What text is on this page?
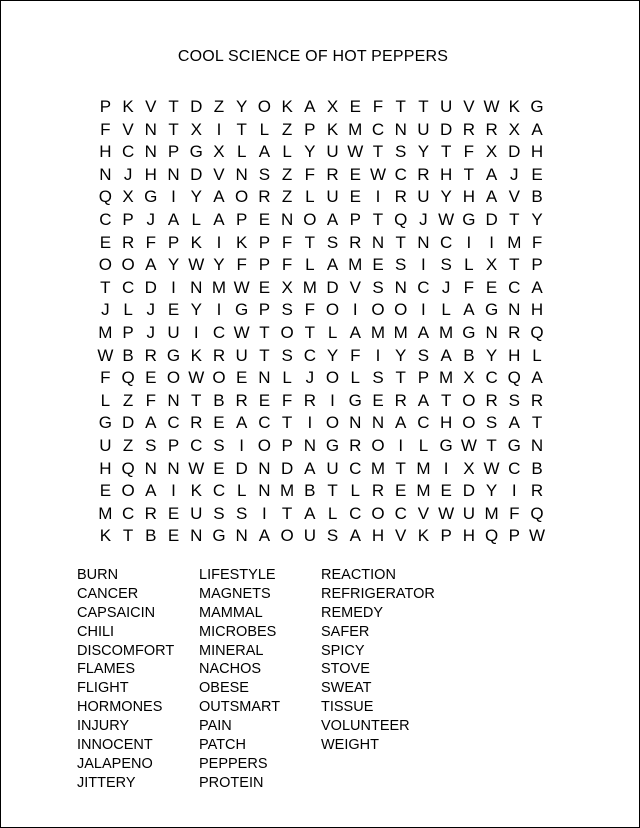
COOL SCIENCE OF HOT PEPPERS
P K V T D Z Y O K A X E F T T U V W K G
F V N T X I T L Z P K M C N U D R R X A
H C N P G X L A L Y U W T S Y T F X D H
N J H N D V N S Z F R E W C R H T A J E
Q X G I Y A O R Z L U E I R U Y H A V B
C P J A L A P E N O A P T Q J W G D T Y
E R F P K I K P F T S R N T N C I	I M F
O O A Y W Y F P F L A M E S I S L X T P
T C D I N M W E X M D V S N C J F E C A
J L J E Y I G P S F O I O O I L A G N H
M P J U I C W T O T L A M M A M G N R Q
W B R G K R U T S C Y F I Y S A B Y H L
F Q E O W O E N L J O L S T P M X C Q A
L Z F N T B R E F R I G E R A T O R S R
G D A C R E A C T I O N N A C H O S A T
U Z S P C S I O P N G R O I L G W T G N
H Q N N W E D N D A U C M T M I X W C B
E O A I K C L N M B T L R E M E D Y I R
M C R E U S S I T A L C O C V W U M F Q
K T B E N G N A O U S A H V K P H Q P W
BURN
CANCER
CAPSAICIN
CHILI
DISCOMFORT
FLAMES
FLIGHT
HORMONES
INJURY
INNOCENT
JALAPENO
JITTERY
LIFESTYLE
MAGNETS
MAMMAL
MICROBES
MINERAL
NACHOS
OBESE
OUTSMART
PAIN
PATCH
PEPPERS
PROTEIN
REACTION
REFRIGERATOR
REMEDY
SAFER
SPICY
STOVE
SWEAT
TISSUE
VOLUNTEER
WEIGHT
